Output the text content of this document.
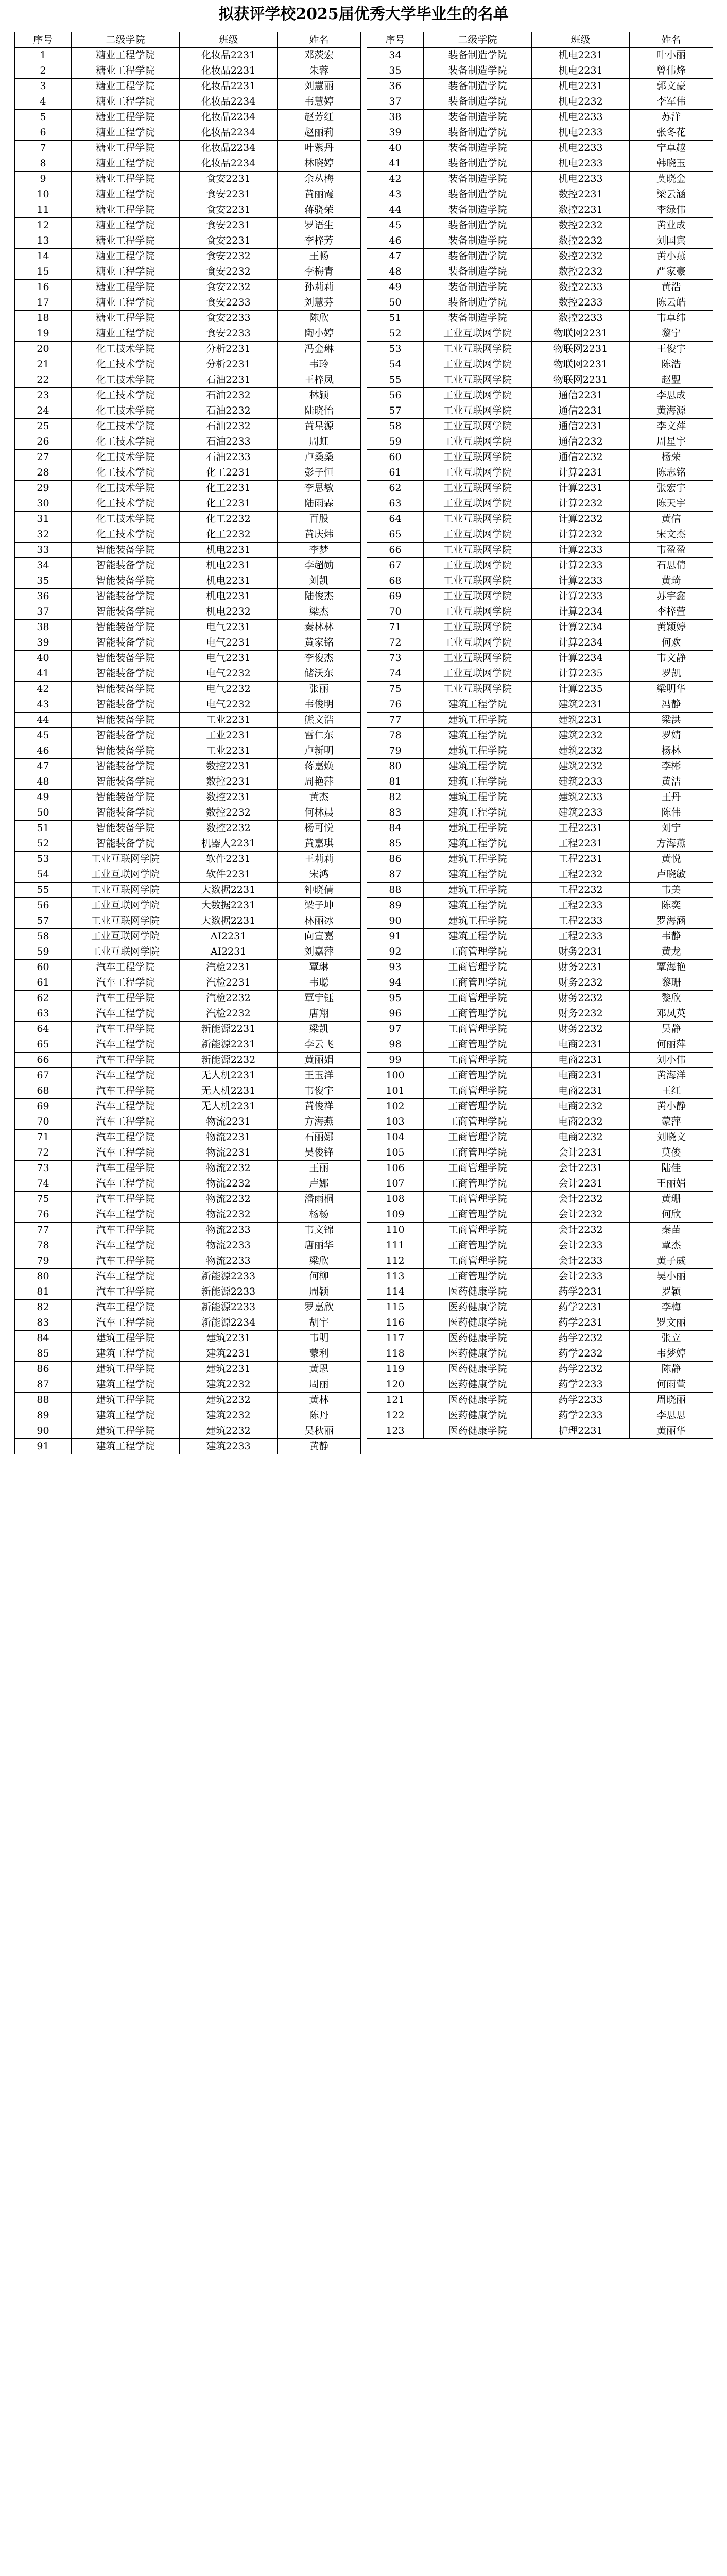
拟获评学校2025届优秀大学毕业生的名单
序号	二级学院	班级	姓名
1	糖业工程学院	化妆品2231	邓茨宏
2	糖业工程学院	化妆品2231	朱蓉
3	糖业工程学院	化妆品2231	刘慧丽
4	糖业工程学院	化妆品2234	韦慧婷
5	糖业工程学院	化妆品2234	赵芳红
6	糖业工程学院	化妆品2234	赵丽莉
7	糖业工程学院	化妆品2234	叶紫丹
8	糖业工程学院	化妆品2234	林晓婷
9	糖业工程学院	食安2231	余丛梅
10	糖业工程学院	食安2231	黄丽霞
11	糖业工程学院	食安2231	蒋骁荣
12	糖业工程学院	食安2231	罗语生
13	糖业工程学院	食安2231	李梓芳
14	糖业工程学院	食安2232	王畅
15	糖业工程学院	食安2232	李梅青
16	糖业工程学院	食安2232	孙莉莉
17	糖业工程学院	食安2233	刘慧芬
18	糖业工程学院	食安2233	陈欣
19	糖业工程学院	食安2233	陶小婷
20	化工技术学院	分析2231	冯金琳
21	化工技术学院	分析2231	韦玲
22	化工技术学院	石油2231	王梓凤
23	化工技术学院	石油2232	林颖
24	化工技术学院	石油2232	陆晓怡
25	化工技术学院	石油2232	黄星源
26	化工技术学院	石油2233	周虹
27	化工技术学院	石油2233	卢桑桑
28	化工技术学院	化工2231	彭子恒
29	化工技术学院	化工2231	李思敏
30	化工技术学院	化工2231	陆雨霖
31	化工技术学院	化工2232	百股
32	化工技术学院	化工2232	黄庆炜
33	智能装备学院	机电2231	李梦
34	智能装备学院	机电2231	李超勋
35	智能装备学院	机电2231	刘凯
36	智能装备学院	机电2231	陆俊杰
37	智能装备学院	机电2232	梁杰
38	智能装备学院	电气2231	秦林林
39	智能装备学院	电气2231	黄家铭
40	智能装备学院	电气2231	李俊杰
41	智能装备学院	电气2232	储沃东
42	智能装备学院	电气2232	张丽
43	智能装备学院	电气2232	韦俊明
44	智能装备学院	工业2231	熊文浩
45	智能装备学院	工业2231	雷仁东
46	智能装备学院	工业2231	卢新明
47	智能装备学院	数控2231	蒋嘉焕
48	智能装备学院	数控2231	周艳萍
49	智能装备学院	数控2231	黄杰
50	智能装备学院	数控2232	何林晨
51	智能装备学院	数控2232	杨可悦
52	智能装备学院	机器人2231	黄嘉琪
53	工业互联网学院	软件2231	王莉莉
54	工业互联网学院	软件2231	宋鸿
55	工业互联网学院	大数据2231	钟晓倩
56	工业互联网学院	大数据2231	梁子坤
57	工业互联网学院	大数据2231	林丽冰
58	工业互联网学院	AI2231	向宣嘉
59	工业互联网学院	AI2231	刘嘉萍
60	汽车工程学院	汽检2231	覃琳
61	汽车工程学院	汽检2231	韦聪
62	汽车工程学院	汽检2232	覃宁钰
63	汽车工程学院	汽检2232	唐翔
64	汽车工程学院	新能源2231	梁凯
65	汽车工程学院	新能源2231	李云飞
66	汽车工程学院	新能源2232	黄丽娟
67	汽车工程学院	无人机2231	王玉洋
68	汽车工程学院	无人机2231	韦俊宇
69	汽车工程学院	无人机2231	黄俊祥
70	汽车工程学院	物流2231	方海燕
71	汽车工程学院	物流2231	石丽娜
72	汽车工程学院	物流2231	吴俊锋
73	汽车工程学院	物流2232	王丽
74	汽车工程学院	物流2232	卢娜
75	汽车工程学院	物流2232	潘雨桐
76	汽车工程学院	物流2232	杨杨
77	汽车工程学院	物流2233	韦文锦
78	汽车工程学院	物流2233	唐丽华
79	汽车工程学院	物流2233	梁欣
80	汽车工程学院	新能源2233	何柳
81	汽车工程学院	新能源2233	周颖
82	汽车工程学院	新能源2233	罗嘉欣
83	汽车工程学院	新能源2234	胡宇
84	建筑工程学院	建筑2231	韦明
85	建筑工程学院	建筑2231	蒙利
86	建筑工程学院	建筑2231	黄恩
87	建筑工程学院	建筑2232	周丽
88	建筑工程学院	建筑2232	黄林
89	建筑工程学院	建筑2232	陈丹
90	建筑工程学院	建筑2232	吴秋丽
91	建筑工程学院	建筑2233	黄静
序号	二级学院	班级	姓名
34	装备制造学院	机电2231	叶小丽
35	装备制造学院	机电2231	曾伟烽
36	装备制造学院	机电2231	郭文豪
37	装备制造学院	机电2232	李军伟
38	装备制造学院	机电2233	苏洋
39	装备制造学院	机电2233	张冬花
40	装备制造学院	机电2233	宁卓越
41	装备制造学院	机电2233	韩晓玉
42	装备制造学院	机电2233	莫晓金
43	装备制造学院	数控2231	梁云涵
44	装备制造学院	数控2231	李绿伟
45	装备制造学院	数控2232	黄业成
46	装备制造学院	数控2232	刘国宾
47	装备制造学院	数控2232	黄小燕
48	装备制造学院	数控2232	严家豪
49	装备制造学院	数控2233	黄浩
50	装备制造学院	数控2233	陈云皓
51	装备制造学院	数控2233	韦卓纬
52	工业互联网学院	物联网2231	黎宁
53	工业互联网学院	物联网2231	王俊宇
54	工业互联网学院	物联网2231	陈浩
55	工业互联网学院	物联网2231	赵盟
56	工业互联网学院	通信2231	李思成
57	工业互联网学院	通信2231	黄海源
58	工业互联网学院	通信2231	李文萍
59	工业互联网学院	通信2232	周星宇
60	工业互联网学院	通信2232	杨荣
61	工业互联网学院	计算2231	陈志铭
62	工业互联网学院	计算2231	张宏宇
63	工业互联网学院	计算2232	陈天宇
64	工业互联网学院	计算2232	黄信
65	工业互联网学院	计算2232	宋文杰
66	工业互联网学院	计算2233	韦盈盈
67	工业互联网学院	计算2233	石思倩
68	工业互联网学院	计算2233	黄琦
69	工业互联网学院	计算2233	苏宇鑫
70	工业互联网学院	计算2234	李梓萱
71	工业互联网学院	计算2234	黄颖婷
72	工业互联网学院	计算2234	何欢
73	工业互联网学院	计算2234	韦文静
74	工业互联网学院	计算2235	罗凯
75	工业互联网学院	计算2235	梁明华
76	建筑工程学院	建筑2231	冯静
77	建筑工程学院	建筑2231	梁洪
78	建筑工程学院	建筑2232	罗婧
79	建筑工程学院	建筑2232	杨林
80	建筑工程学院	建筑2232	李彬
81	建筑工程学院	建筑2233	黄洁
82	建筑工程学院	建筑2233	王丹
83	建筑工程学院	建筑2233	陈伟
84	建筑工程学院	工程2231	刘宁
85	建筑工程学院	工程2231	方海燕
86	建筑工程学院	工程2231	黄悦
87	建筑工程学院	工程2232	卢晓敏
88	建筑工程学院	工程2232	韦美
89	建筑工程学院	工程2233	陈奕
90	建筑工程学院	工程2233	罗海涵
91	建筑工程学院	工程2233	韦静
92	工商管理学院	财务2231	黄龙
93	工商管理学院	财务2231	覃海艳
94	工商管理学院	财务2232	黎珊
95	工商管理学院	财务2232	黎欣
96	工商管理学院	财务2232	邓凤英
97	工商管理学院	财务2232	吴静
98	工商管理学院	电商2231	何丽萍
99	工商管理学院	电商2231	刘小伟
100	工商管理学院	电商2231	黄海洋
101	工商管理学院	电商2231	王红
102	工商管理学院	电商2232	黄小静
103	工商管理学院	电商2232	蒙萍
104	工商管理学院	电商2232	刘晓文
105	工商管理学院	会计2231	莫俊
106	工商管理学院	会计2231	陆佳
107	工商管理学院	会计2231	王丽娟
108	工商管理学院	会计2232	黄珊
109	工商管理学院	会计2232	何欣
110	工商管理学院	会计2232	秦苗
111	工商管理学院	会计2233	覃杰
112	工商管理学院	会计2233	黄子威
113	工商管理学院	会计2233	吴小丽
114	医药健康学院	药学2231	罗颖
115	医药健康学院	药学2231	李梅
116	医药健康学院	药学2231	罗文丽
117	医药健康学院	药学2232	张立
118	医药健康学院	药学2232	韦梦婷
119	医药健康学院	药学2232	陈静
120	医药健康学院	药学2233	何雨萱
121	医药健康学院	药学2233	周晓丽
122	医药健康学院	药学2233	李思思
123	医药健康学院	护理2231	黄丽华
